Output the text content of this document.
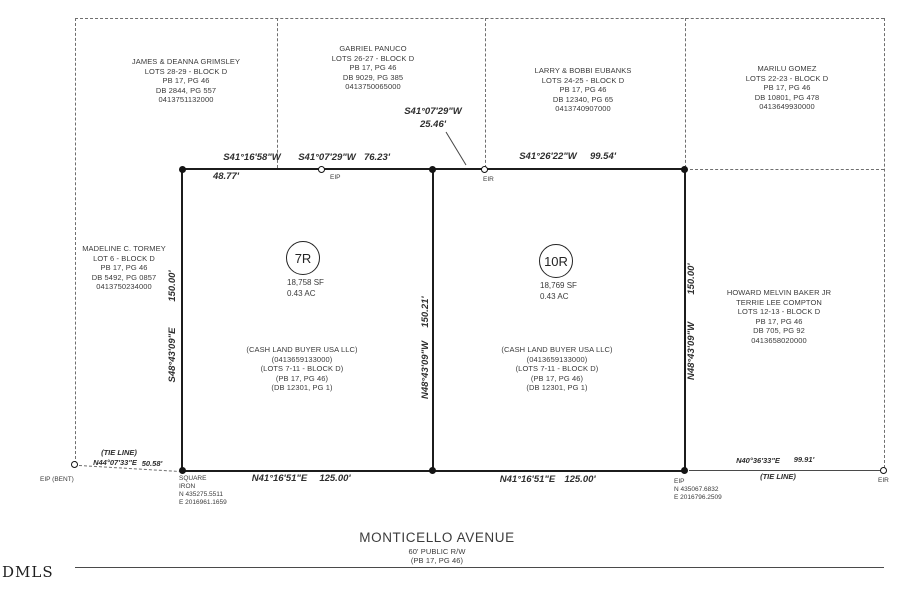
JAMES & DEANNA GRIMSLEY
LOTS 28-29 - BLOCK D
PB 17, PG 46
DB 2844, PG 557
0413751132000
GABRIEL PANUCO
LOTS 26-27 - BLOCK D
PB 17, PG 46
DB 9029, PG 385
0413750065000
LARRY & BOBBI EUBANKS
LOTS 24-25 - BLOCK D
PB 17, PG 46
DB 12340, PG 65
0413740907000
MARILU GOMEZ
LOTS 22-23 - BLOCK D
PB 17, PG 46
DB 10801, PG 478
0413649930000
MADELINE C. TORMEY
LOT 6 - BLOCK D
PB 17, PG 46
DB 5492, PG 0857
0413750234000
HOWARD MELVIN BAKER JR
TERRIE LEE COMPTON
LOTS 12-13 - BLOCK D
PB 17, PG 46
DB 705, PG 92
0413658020000
7R
18,758 SF
0.43 AC
(CASH LAND BUYER USA LLC)
(0413659133000)
(LOTS 7-11 - BLOCK D)
(PB 17, PG 46)
(DB 12301, PG 1)
10R
18,769 SF
0.43 AC
(CASH LAND BUYER USA LLC)
(0413659133000)
(LOTS 7-11 - BLOCK D)
(PB 17, PG 46)
(DB 12301, PG 1)
S41°16'58"W
48.77'
S41°07'29"W 76.23'
S41°07'29"W
25.46'
S41°26'22"W	99.54'
150.00'
S48°43'09"E
150.21'
N48°43'09"W
150.00'
N48°43'09"W
N41°16'51"E	125.00'	N41°16'51"E 125.00'
(TIE LINE)
N44°07'33"E 50.58'	N40°36'33"E	99.91'
(TIE LINE)
EIP	EIR
EIP (BENT)	EIR
SQUARE
IRON
N 435275.5511
E 2016961.1659
EIP
N 435067.6832
E 2016796.2509
MONTICELLO AVENUE
60' PUBLIC R/W
(PB 17, PG 46)
DMLS
